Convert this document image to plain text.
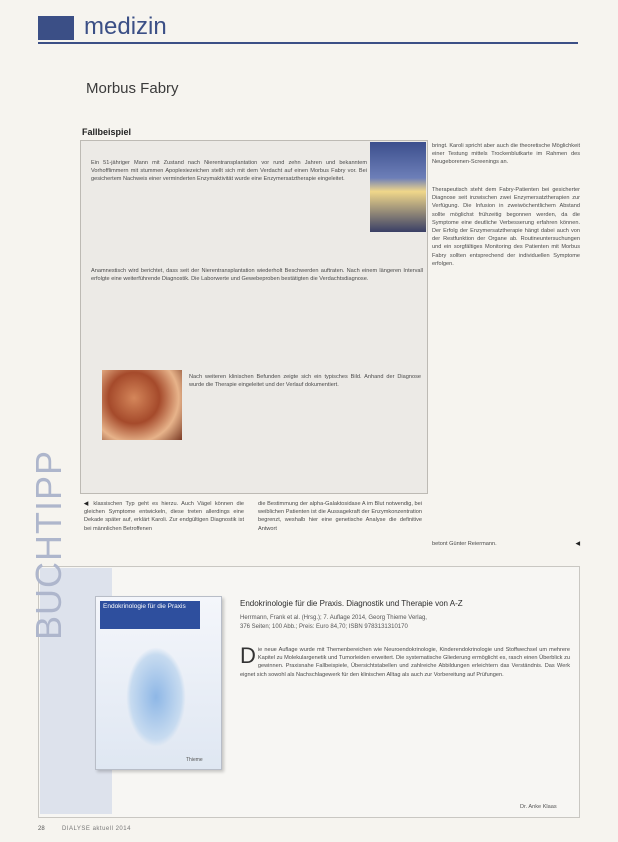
medizin
Morbus Fabry
Fallbeispiel
Ein 51-jähriger Mann mit Zustand nach Nierentransplantation vor rund zehn Jahren und bekanntem Vorhofflimmern mit stummen Apoplexiezeichen stellt sich mit dem Verdacht auf einen Morbus Fabry vor. Bei gesichertem Nachweis einer verminderten Enzymaktivität wurde eine Enzymersatztherapie eingeleitet.
Anamnestisch wird berichtet, dass seit der Nierentransplantation wiederholt Beschwerden auftraten. Nach einem längeren Intervall erfolgte eine weiterführende Diagnostik. Die Laborwerte und Gewebeproben bestätigten die Verdachtsdiagnose.
Nach weiteren klinischen Befunden zeigte sich ein typisches Bild. Anhand der Diagnose wurde die Therapie eingeleitet und der Verlauf dokumentiert.
◀ klassischen Typ geht es hierzu. Auch Vägel können die gleichen Symptome entwickeln, diese treten allerdings eine Dekade später auf, erklärt Karoli. Zur endgültigen Diagnostik ist bei männlichen Betroffenen
die Bestimmung der alpha-Galaktosidase A im Blut notwendig, bei weiblichen Patienten ist die Aussagekraft der Enzymkonzentration begrenzt, weshalb hier eine genetische Analyse die definitive Antwort
bringt. Karoli spricht aber auch die theoretische Möglichkeit einer Testung mittels Trockenblutkarte im Rahmen des Neugeborenen-Screenings an.
Therapeutisch steht dem Fabry-Patienten bei gesicherter Diagnose seit inzwischen zwei Enzymersatztherapien zur Verfügung. Die Infusion in zweiwöchentlichem Abstand sollte möglichst frühzeitig begonnen werden, da die Symptome eine deutliche Verbesserung erfahren können. Der Erfolg der Enzymersatztherapie hängt dabei auch von der Restfunktion der Organe ab. Routineuntersuchungen und ein sorgfältiges Monitoring des Patienten mit Morbus Fabry sollten entsprechend der individuellen Symptome erfolgen.
betont Günter Reiermann.	◀
BUCHTIPP	Endokrinologie für die Praxis
Thieme
Endokrinologie für die Praxis. Diagnostik und Therapie von A-Z
Herrmann, Frank et al. (Hrsg.); 7. Auflage 2014, Georg Thieme Verlag,
376 Seiten; 100 Abb.; Preis: Euro 84,70; ISBN 9783131310170
D ie neue Auflage wurde mit Themenbereichen wie Neuroendokrinologie, Kinderendokrinologie und Stoffwechsel um mehrere Kapitel zu Molekulargenetik und Tumorleiden erweitert. Die systematische Gliederung ermöglicht es, rasch einen Überblick zu gewinnen. Praxisnahe Fallbeispiele, Übersichtstabellen und zahlreiche Abbildungen erleichtern das Verständnis. Das Werk eignet sich sowohl als Nachschlagewerk für den klinischen Alltag als auch zur Vorbereitung auf Prüfungen.
Dr. Anke Klaas
28	DIALYSE aktuell 2014
